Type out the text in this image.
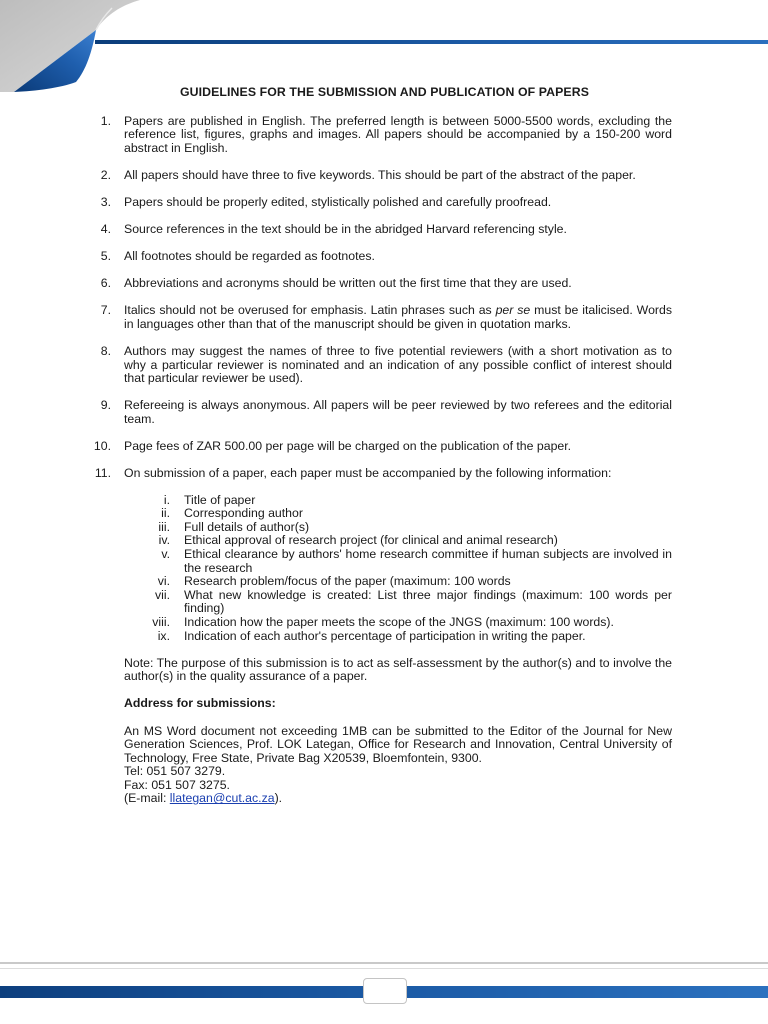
GUIDELINES FOR THE SUBMISSION AND PUBLICATION OF PAPERS
1. Papers are published in English. The preferred length is between 5000-5500 words, excluding the reference list, figures, graphs and images. All papers should be accompanied by a 150-200 word abstract in English.
2. All papers should have three to five keywords. This should be part of the abstract of the paper.
3. Papers should be properly edited, stylistically polished and carefully proofread.
4. Source references in the text should be in the abridged Harvard referencing style.
5. All footnotes should be regarded as footnotes.
6. Abbreviations and acronyms should be written out the first time that they are used.
7. Italics should not be overused for emphasis. Latin phrases such as per se must be italicised. Words in languages other than that of the manuscript should be given in quotation marks.
8. Authors may suggest the names of three to five potential reviewers (with a short motivation as to why a particular reviewer is nominated and an indication of any possible conflict of interest should that particular reviewer be used).
9. Refereeing is always anonymous. All papers will be peer reviewed by two referees and the editorial team.
10. Page fees of ZAR 500.00 per page will be charged on the publication of the paper.
11. On submission of a paper, each paper must be accompanied by the following information:
i. Title of paper
ii. Corresponding author
iii. Full details of author(s)
iv. Ethical approval of research project (for clinical and animal research)
v. Ethical clearance by authors' home research committee if human subjects are involved in the research
vi. Research problem/focus of the paper (maximum: 100 words
vii. What new knowledge is created: List three major findings (maximum: 100 words per finding)
viii. Indication how the paper meets the scope of the JNGS (maximum: 100 words).
ix. Indication of each author's percentage of participation in writing the paper.

Note: The purpose of this submission is to act as self-assessment by the author(s) and to involve the author(s) in the quality assurance of a paper.

Address for submissions:

An MS Word document not exceeding 1MB can be submitted to the Editor of the Journal for New Generation Sciences, Prof. LOK Lategan, Office for Research and Innovation, Central University of Technology, Free State, Private Bag X20539, Bloemfontein, 9300.

Tel: 051 507 3279.

Fax: 051 507 3275.

(E-mail: llategan@cut.ac.za).
